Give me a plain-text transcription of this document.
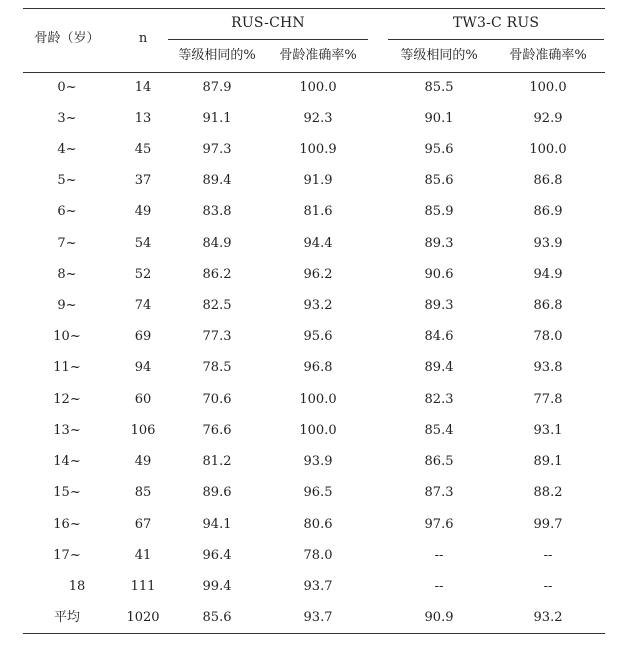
骨龄（岁）	n
RUS-CHN	TW3-C RUS
等级相同的% 骨龄准确率%	等级相同的% 骨龄准确率%
0~	14	87.9	100.0	85.5	100.0
3~	13	91.1	92.3	90.1	92.9
4~	45	97.3	100.9	95.6	100.0
5~	37	89.4	91.9	85.6	86.8
6~	49	83.8	81.6	85.9	86.9
7~	54	84.9	94.4	89.3	93.9
8~	52	86.2	96.2	90.6	94.9
9~	74	82.5	93.2	89.3	86.8
10~	69	77.3	95.6	84.6	78.0
11~	94	78.5	96.8	89.4	93.8
12~	60	70.6	100.0	82.3	77.8
13~	106	76.6	100.0	85.4	93.1
14~	49	81.2	93.9	86.5	89.1
15~	85	89.6	96.5	87.3	88.2
16~	67	94.1	80.6	97.6	99.7
17~	41	96.4	78.0	--	--
18	111	99.4	93.7	--	--
平均	1020	85.6	93.7	90.9	93.2
